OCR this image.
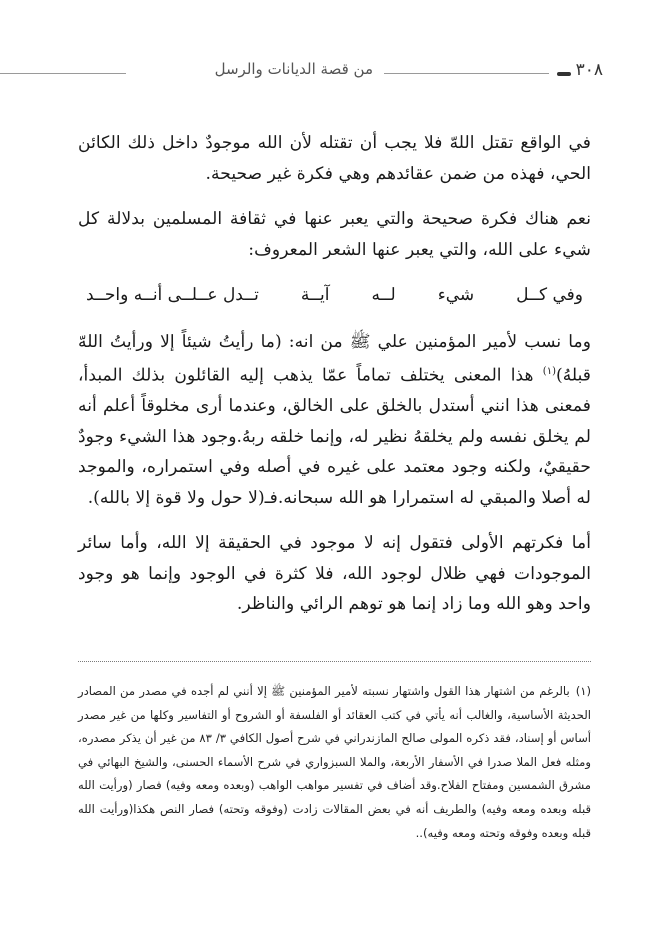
٣٠٨
من قصة الديانات والرسل

في الواقع تقتل اللهّ فلا يجب أن تقتله لأن الله موجودٌ داخل ذلك الكائن الحي، فهذه من ضمن عقائدهم وهي فكرة غير صحيحة.

نعم هناك فكرة صحيحة والتي يعبر عنها في ثقافة المسلمين بدلالة كل شيء على الله، والتي يعبر عنها الشعر المعروف:

وفي كــل
شيء
لــه
آيــة
تــدل عــلــى أنــه واحــد

وما نسب لأمير المؤمنين علي ﷺ من انه: (ما رأيتُ شيئاً إلا ورأيتُ اللهّ قبلهُ)$^{(١)}$ هذا المعنى يختلف تماماً عمّا يذهب إليه القائلون بذلك المبدأ، فمعنى هذا انني أستدل بالخلق على الخالق، وعندما أرى مخلوقاً أعلم أنه لم يخلق نفسه ولم يخلقهُ نظير له، وإنما خلقه ربهُ.وجود هذا الشيء وجودٌ حقيقيٌ، ولكنه وجود معتمد على غيره في أصله وفي استمراره، والموجد له أصلا والمبقي له استمرارا هو الله سبحانه.فـ(لا حول ولا قوة إلا بالله).

أما فكرتهم الأولى فتقول إنه لا موجود في الحقيقة إلا الله، وأما سائر الموجودات فهي ظلال لوجود الله، فلا كثرة في الوجود وإنما هو وجود واحد وهو الله وما زاد إنما هو توهم الرائي والناظر.

(١)بالرغم من اشتهار هذا القول واشتهار نسبته لأمير المؤمنين ﷺ إلا أنني لم أجده في مصدر من المصادر الحديثة الأساسية، والغالب أنه يأتي في كتب العقائد أو الفلسفة أو الشروح أو التفاسير وكلها من غير مصدر أساس أو إسناد، فقد ذكره المولى صالح المازندراني في شرح أصول الكافي ٣/ ٨٣ من غير أن يذكر مصدره، ومثله فعل الملا صدرا في الأسفار الأربعة، والملا السبزواري في شرح الأسماء الحسنى، والشيخ البهائي في مشرق الشمسين ومفتاح الفلاح.وقد أضاف في تفسير مواهب الواهب (وبعده ومعه وفيه) فصار (ورأيت الله قبله وبعده ومعه وفيه) والطريف أنه في بعض المقالات زادت (وفوقه وتحته) فصار النص هكذا(ورأيت الله قبله وبعده وفوقه وتحته ومعه وفيه)..
